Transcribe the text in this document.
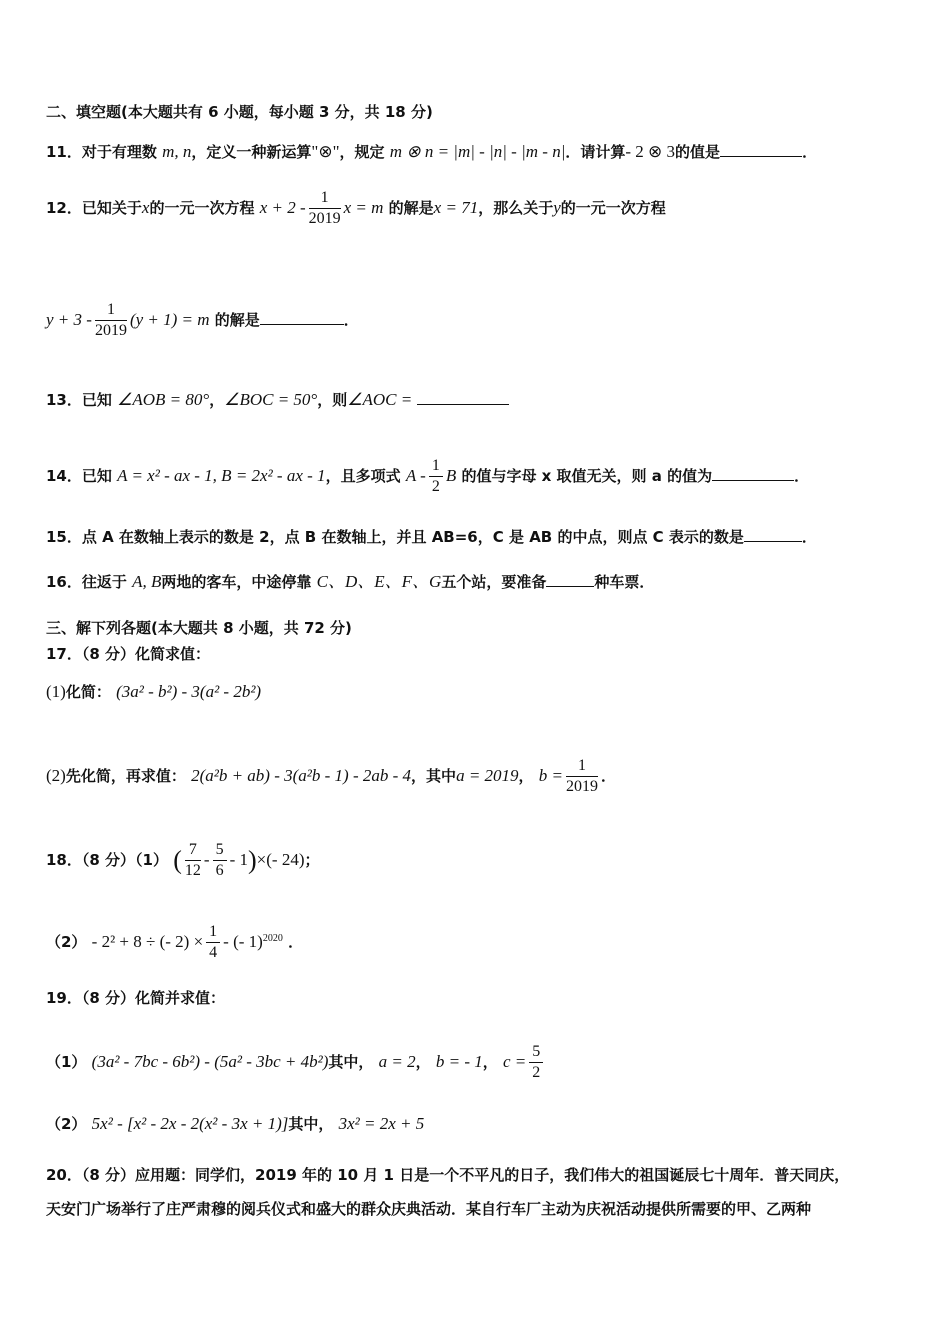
二、填空题(本大题共有 6 小题，每小题 3 分，共 18 分)
11．对于有理数 m, n，定义一种新运算"⊗"，规定 m ⊗ n = |m| - |n| - |m - n|．请计算- 2 ⊗ 3的值是	．
12．已知关于x的一元一次方程 $x + 2 - \frac{1}{2019}$ x = m 的解是x = 71，那么关于y的一元一次方程
$y + 3 - \frac{1}{2019} (y + 1) = m$ 的解是	．
13．已知 ∠AOB = 80°，∠BOC = 50°，则∠AOC =
14．已知 A = x² - ax - 1, B = 2x² - ax - 1，且多项式 A - $\frac{1}{2}$ B 的值与字母 x 取值无关，则 a 的值为	．
15．点 A 在数轴上表示的数是 2，点 B 在数轴上，并且 AB=6，C 是 AB 的中点，则点 C 表示的数是	．
16．往返于 A, B两地的客车，中途停靠 C、D、E、F、G五个站，要准备	种车票．
三、解下列各题(本大题共 8 小题，共 72 分)
17．（8 分）化简求值：
(1)化简： (3a² - b²) - 3(a² - 2b²)
(2)先化简，再求值： 2(a²b + ab) - 3(a²b - 1) - 2ab - 4，其中a = 2019， $b = \frac{1}{2019}$ ．
18．（8 分）（1） ( $\frac{7}{12} - \frac{5}{6} - 1)\times(-$ 24)；
（2） - 2² + 8 ÷ (- $2) \times \frac{1}{4}$ - (- 1)$^{2020}$ ．
19．（8 分）化简并求值：
（1） (3a² - 7bc - 6b²) - (5a² - 3bc + 4b²)其中， a = 2， b = - 1， $c = \frac{5}{2}$
（2） 5x² - [x² - 2x - 2(x² - 3x + 1)]其中， 3x² = 2x + 5
20．（8 分）应用题：同学们，2019 年的 10 月 1 日是一个不平凡的日子，我们伟大的祖国诞辰七十周年．普天同庆，
天安门广场举行了庄严肃穆的阅兵仪式和盛大的群众庆典活动．某自行车厂主动为庆祝活动提供所需要的甲、乙两种
